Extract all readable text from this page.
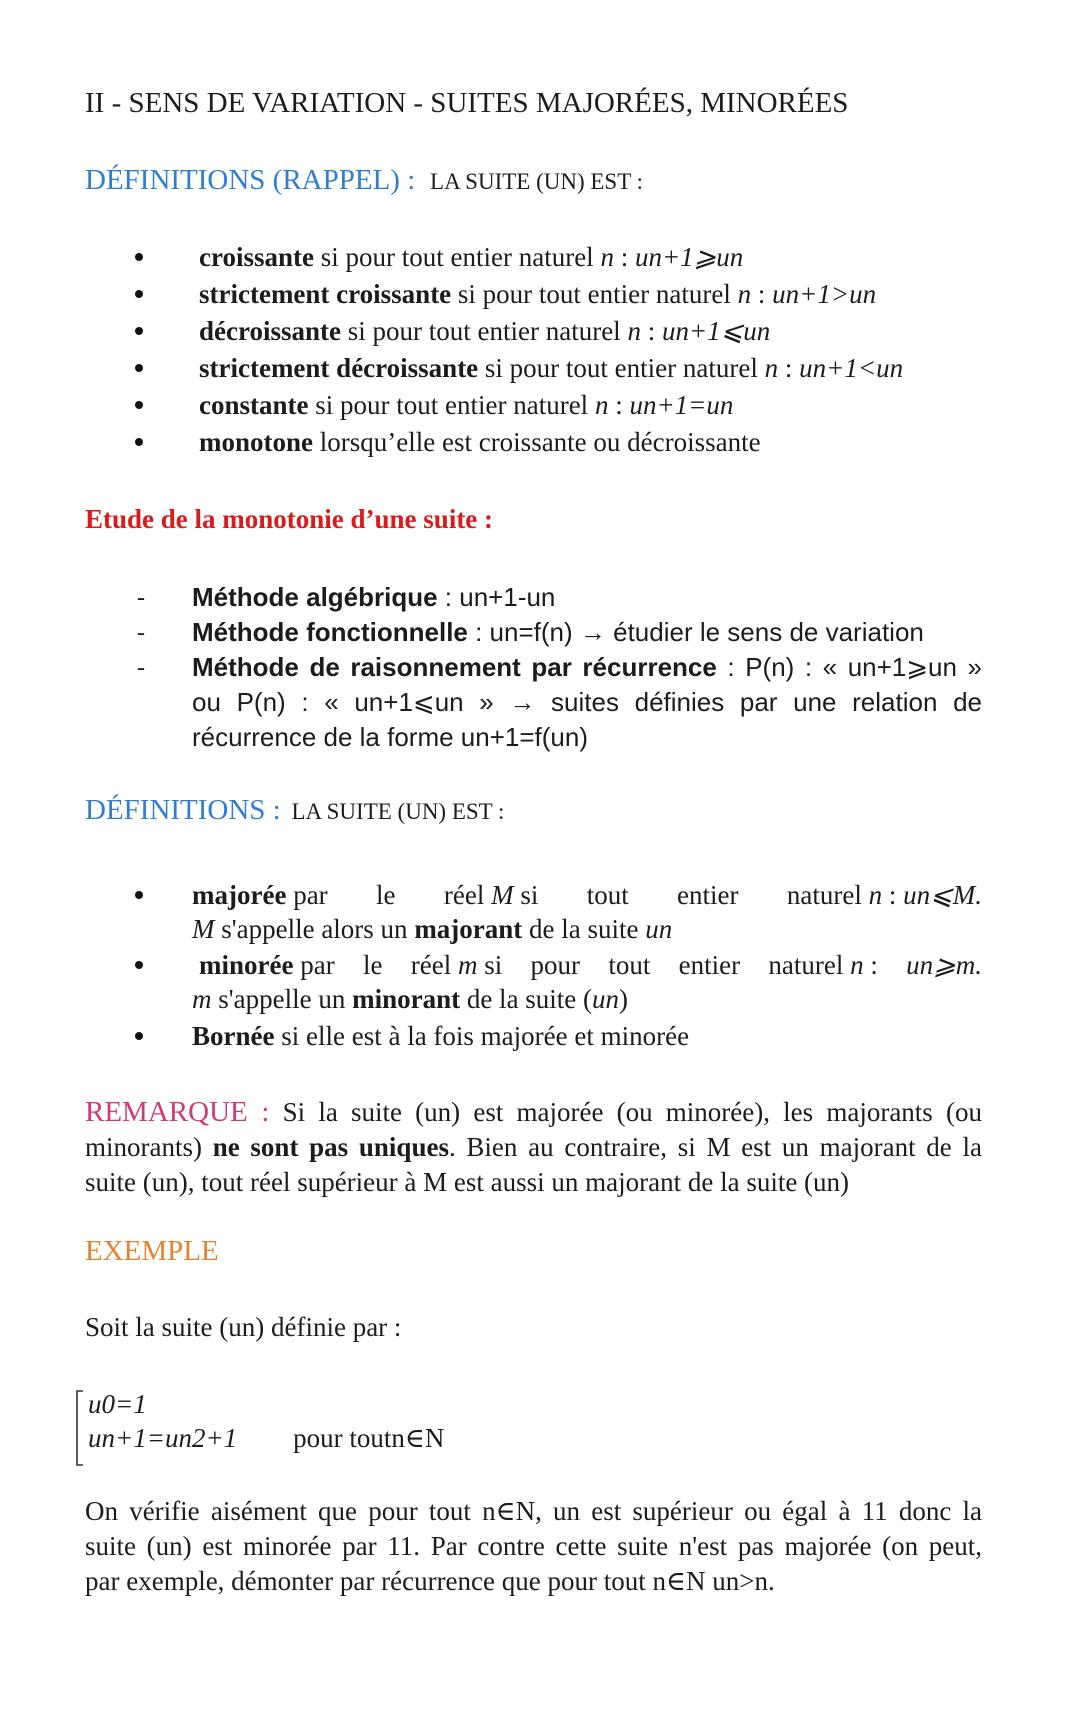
II - SENS DE VARIATION - SUITES MAJORÉES, MINORÉES
DÉFINITIONS (RAPPEL) : LA SUITE (UN) EST :
croissante si pour tout entier naturel n : un+1⩾un
strictement croissante si pour tout entier naturel n : un+1>un
décroissante si pour tout entier naturel n : un+1⩽un
strictement décroissante si pour tout entier naturel n : un+1<un
constante si pour tout entier naturel n : un+1=un
monotone lorsqu’elle est croissante ou décroissante
Etude de la monotonie d’une suite :
- Méthode algébrique : un+1-un
- Méthode fonctionnelle : un=f(n) → étudier le sens de variation
- Méthode de raisonnement par récurrence : P(n) : « un+1⩾un »
ou P(n) : « un+1⩽un » → suites définies par une relation de
récurrence de la forme un+1=f(un)
DÉFINITIONS : LA SUITE (UN) EST :
majorée par le réel M si tout entier naturel n : un⩽M.
M s'appelle alors un majorant de la suite un
minorée par le réel m si pour tout entier naturel n : un⩾m.
m s'appelle un minorant de la suite (un)
Bornée si elle est à la fois majorée et minorée
REMARQUE : Si la suite (un) est majorée (ou minorée), les majorants (ou
minorants) ne sont pas uniques. Bien au contraire, si M est un majorant de la
suite (un), tout réel supérieur à M est aussi un majorant de la suite (un)
EXEMPLE
Soit la suite (un) définie par :
u0=1
un+1=un2+1 pour toutn∈N
On vérifie aisément que pour tout n∈N, un est supérieur ou égal à 11 donc la
suite (un) est minorée par 11. Par contre cette suite n'est pas majorée (on peut,
par exemple, démonter par récurrence que pour tout n∈N un>n.
